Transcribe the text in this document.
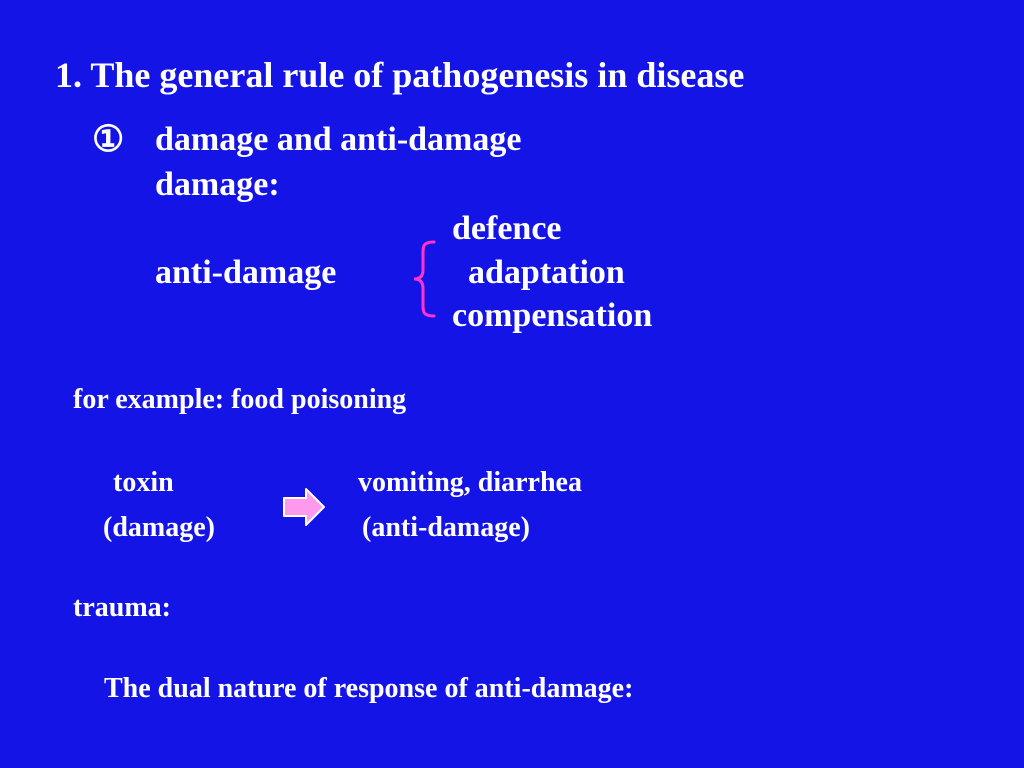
1. The general rule of pathogenesis in disease
① damage and anti-damage
damage:
defence
anti-damage	adaptation
compensation
for example: food poisoning
toxin	vomiting, diarrhea
(damage)	(anti-damage)
trauma:
The dual nature of response of anti-damage:
